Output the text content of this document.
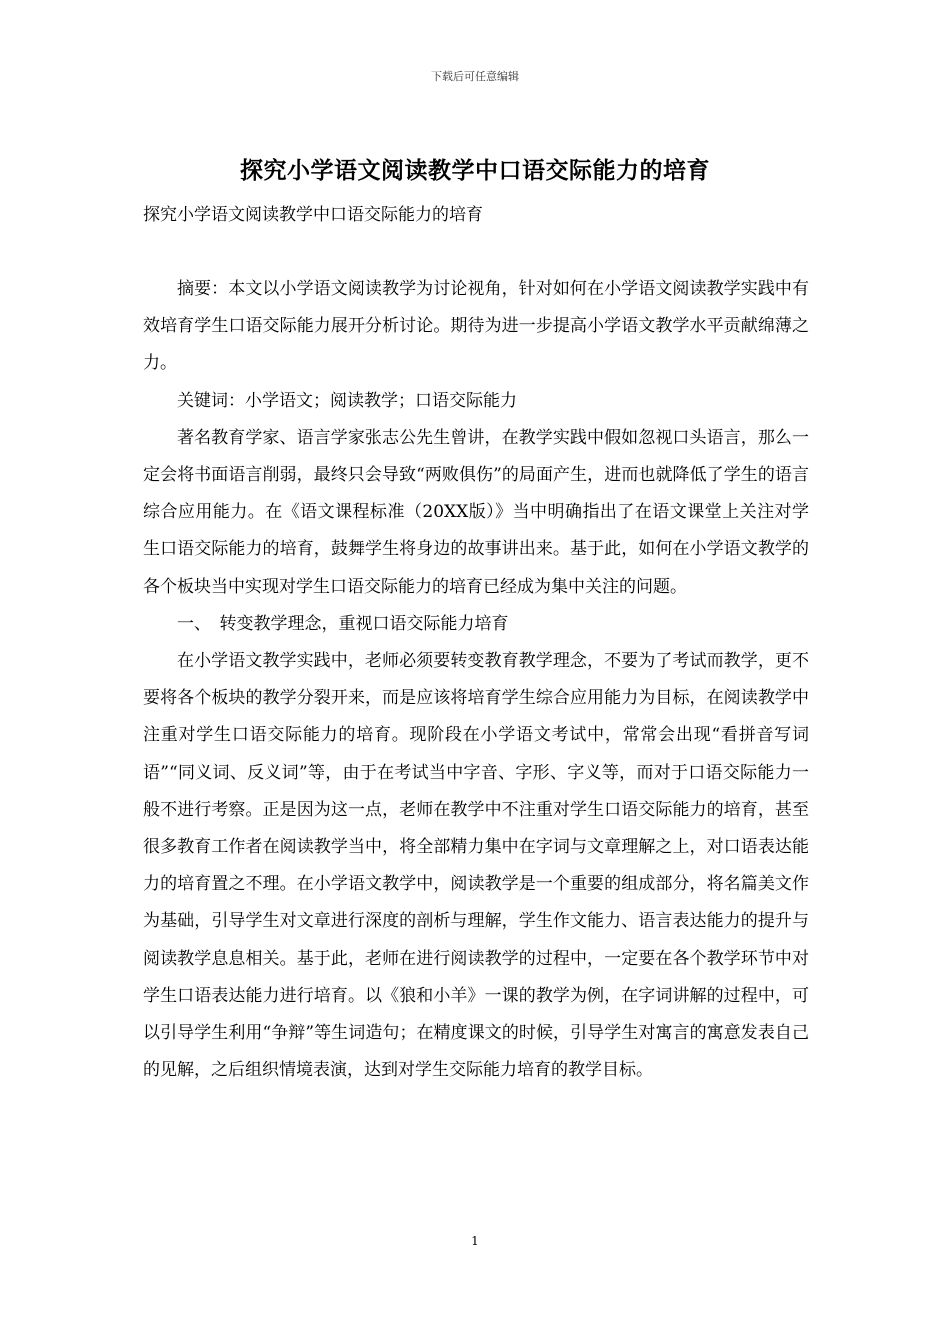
下载后可任意编辑
探究小学语文阅读教学中口语交际能力的培育
探究小学语文阅读教学中口语交际能力的培育

摘要：本文以小学语文阅读教学为讨论视角，针对如何在小学语文阅读教学实践中有效培育学生口语交际能力展开分析讨论。期待为进一步提高小学语文教学水平贡献绵薄之力。

关键词：小学语文；阅读教学；口语交际能力

著名教育学家、语言学家张志公先生曾讲，在教学实践中假如忽视口头语言，那么一定会将书面语言削弱，最终只会导致“两败俱伤”的局面产生，进而也就降低了学生的语言综合应用能力。在《语文课程标准（20XX版）》当中明确指出了在语文课堂上关注对学生口语交际能力的培育，鼓舞学生将身边的故事讲出来。基于此，如何在小学语文教学的各个板块当中实现对学生口语交际能力的培育已经成为集中关注的问题。

一、　转变教学理念，重视口语交际能力培育

在小学语文教学实践中，老师必须要转变教育教学理念，不要为了考试而教学，更不要将各个板块的教学分裂开来，而是应该将培育学生综合应用能力为目标，在阅读教学中注重对学生口语交际能力的培育。现阶段在小学语文考试中，常常会出现“看拼音写词语”“同义词、反义词”等，由于在考试当中字音、字形、字义等，而对于口语交际能力一般不进行考察。正是因为这一点，老师在教学中不注重对学生口语交际能力的培育，甚至很多教育工作者在阅读教学当中，将全部精力集中在字词与文章理解之上，对口语表达能力的培育置之不理。在小学语文教学中，阅读教学是一个重要的组成部分，将名篇美文作为基础，引导学生对文章进行深度的剖析与理解，学生作文能力、语言表达能力的提升与阅读教学息息相关。基于此，老师在进行阅读教学的过程中，一定要在各个教学环节中对学生口语表达能力进行培育。以《狼和小羊》一课的教学为例，在字词讲解的过程中，可以引导学生利用“争辩”等生词造句；在精度课文的时候，引导学生对寓言的寓意发表自己的见解，之后组织情境表演，达到对学生交际能力培育的教学目标。

1
